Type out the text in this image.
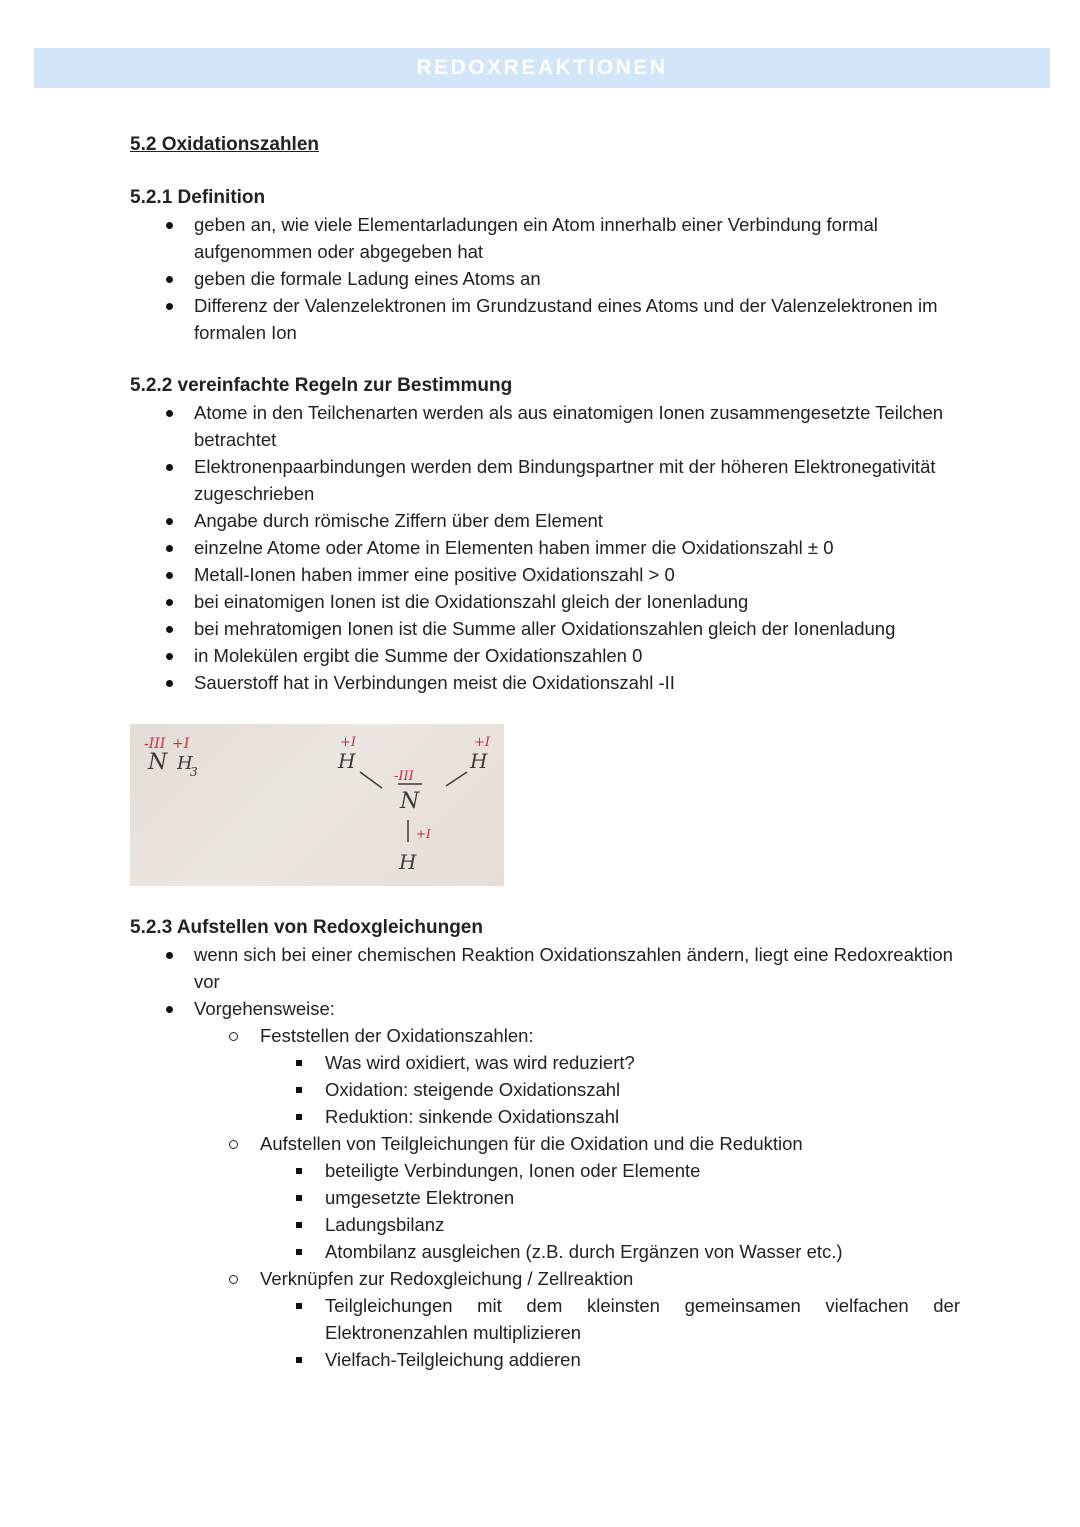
REDOXREAKTIONEN
5.2 Oxidationszahlen
5.2.1 Definition
geben an, wie viele Elementarladungen ein Atom innerhalb einer Verbindung formal aufgenommen oder abgegeben hat
geben die formale Ladung eines Atoms an
Differenz der Valenzelektronen im Grundzustand eines Atoms und der Valenzelektronen im formalen Ion
5.2.2 vereinfachte Regeln zur Bestimmung
Atome in den Teilchenarten werden als aus einatomigen Ionen zusammengesetzte Teilchen betrachtet
Elektronenpaarbindungen werden dem Bindungspartner mit der höheren Elektronegativität zugeschrieben
Angabe durch römische Ziffern über dem Element
einzelne Atome oder Atome in Elementen haben immer die Oxidationszahl ± 0
Metall-Ionen haben immer eine positive Oxidationszahl > 0
bei einatomigen Ionen ist die Oxidationszahl gleich der Ionenladung
bei mehratomigen Ionen ist die Summe aller Oxidationszahlen gleich der Ionenladung
in Molekülen ergibt die Summe der Oxidationszahlen 0
Sauerstoff hat in Verbindungen meist die Oxidationszahl -II
-III +I
N H
3
+I
H
+I
H
-III
N
+I
H
5.2.3 Aufstellen von Redoxgleichungen
wenn sich bei einer chemischen Reaktion Oxidationszahlen ändern, liegt eine Redoxreaktion vor
Vorgehensweise:
Feststellen der Oxidationszahlen:
Was wird oxidiert, was wird reduziert?
Oxidation: steigende Oxidationszahl
Reduktion: sinkende Oxidationszahl
Aufstellen von Teilgleichungen für die Oxidation und die Reduktion
beteiligte Verbindungen, Ionen oder Elemente
umgesetzte Elektronen
Ladungsbilanz
Atombilanz ausgleichen (z.B. durch Ergänzen von Wasser etc.)
Verknüpfen zur Redoxgleichung / Zellreaktion
Teilgleichungen mit dem kleinsten gemeinsamen vielfachen der Elektronenzahlen multiplizieren
Vielfach-Teilgleichung addieren
